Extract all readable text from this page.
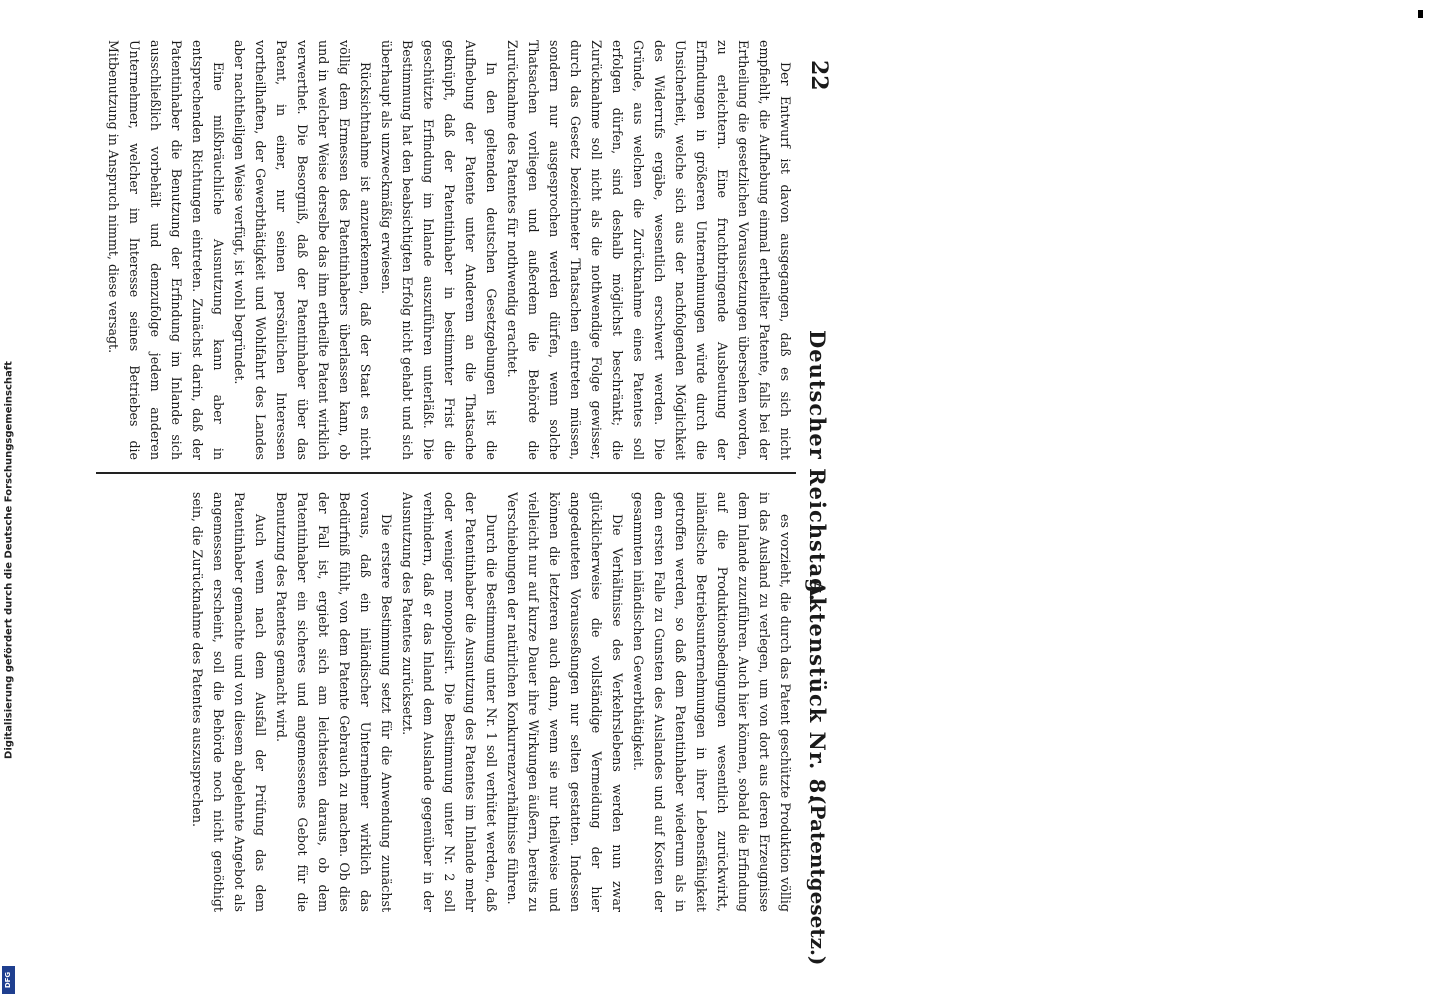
Digitalisierung gefördert durch die Deutsche Forschungsgemeinschaft
DFG
22
Deutscher Reichstag.
Aktenstück Nr. 8.
(Patentgesetz.)

Der Entwurf ist davon ausgegangen, daß es sich nicht empfiehlt, die Aufhebung einmal ertheilter Patente, falls bei der Ertheilung die gesetzlichen Voraussetzungen übersehen worden, zu erleichtern. Eine fruchtbringende Ausbeutung der Erfindungen in größeren Unternehmungen würde durch die Unsicherheit, welche sich aus der nachfolgenden Möglichkeit des Widerrufs ergäbe, wesentlich erschwert werden. Die Gründe, aus welchen die Zurücknahme eines Patentes soll erfolgen dürfen, sind deshalb möglichst beschränkt; die Zurücknahme soll nicht als die nothwendige Folge gewisser, durch das Gesetz bezeichneter Thatsachen eintreten müssen, sondern nur ausgesprochen werden dürfen, wenn solche Thatsachen vorliegen und außerdem die Behörde die Zurücknahme des Patentes für nothwendig erachtet.

In den geltenden deutschen Gesetzgebungen ist die Aufhebung der Patente unter Anderem an die Thatsache geknüpft, daß der Patentinhaber in bestimmter Frist die geschützte Erfindung im Inlande auszuführen unterläßt. Die Bestimmung hat den beabsichtigten Erfolg nicht gehabt und sich überhaupt als unzweckmäßig erwiesen.

Rücksichtnahme ist anzuerkennen, daß der Staat es nicht völlig dem Ermessen des Patentinhabers überlassen kann, ob und in welcher Weise derselbe das ihm ertheilte Patent wirklich verwerthet. Die Besorgniß, daß der Patentinhaber über das Patent, in einer, nur seinen persönlichen Interessen vortheilhaften, der Gewerbthätigkeit und Wohlfahrt des Landes aber nachtheiligen Weise verfügt, ist wohl begründet.

Eine mißbräuchliche Ausnutzung kann aber in entsprechenden Richtungen eintreten. Zunächst darin, daß der Patentinhaber die Benutzung der Erfindung im Inlande sich ausschließlich vorbehält und demzufolge jedem anderen Unternehmer, welcher im Interesse seines Betriebes die Mitbenutzung in Anspruch nimmt, diese versagt.

es vorzieht, die durch das Patent geschützte Produktion völlig in das Ausland zu verlegen, um von dort aus deren Erzeugnisse dem Inlande zuzuführen. Auch hier können, sobald die Erfindung auf die Produktionsbedingungen wesentlich zurückwirkt, inländische Betriebsunternehmungen in ihrer Lebensfähigkeit getroffen werden, so daß dem Patentinhaber wiederum als in dem ersten Falle zu Gunsten des Auslandes und auf Kosten der gesammten inländischen Gewerbthätigkeit.

Die Verhältnisse des Verkehrslebens werden nun zwar glücklicherweise die vollständige Vermeidung der hier angedeuteten Vorausseßungen nur selten gestatten. Indessen können die letzteren auch dann, wenn sie nur theilweise und vielleicht nur auf kurze Dauer ihre Wirkungen äußern, bereits zu Verschiebungen der natürlichen Konkurrenzverhältnisse führen.

Durch die Bestimmung unter Nr. 1 soll verhütet werden, daß der Patentinhaber die Ausnutzung des Patentes im Inlande mehr oder weniger monopolisirt. Die Bestimmung unter Nr. 2 soll verhindern, daß er das Inland dem Auslande gegenüber in der Ausnutzung des Patentes zurücksetzt.

Die erstere Bestimmung setzt für die Anwendung zunächst voraus, daß ein inländischer Unternehmer wirklich das Bedürfniß fühlt, von dem Patente Gebrauch zu machen. Ob dies der Fall ist, ergiebt sich am leichtesten daraus, ob dem Patentinhaber ein sicheres und angemessenes Gebot für die Benutzung des Patentes gemacht wird.

Auch wenn nach dem Ausfall der Prüfung das dem Patentinhaber gemachte und von diesem abgelehnte Angebot als angemessen erscheint, soll die Behörde noch nicht genöthigt sein, die Zurücknahme des Patentes auszusprechen.
